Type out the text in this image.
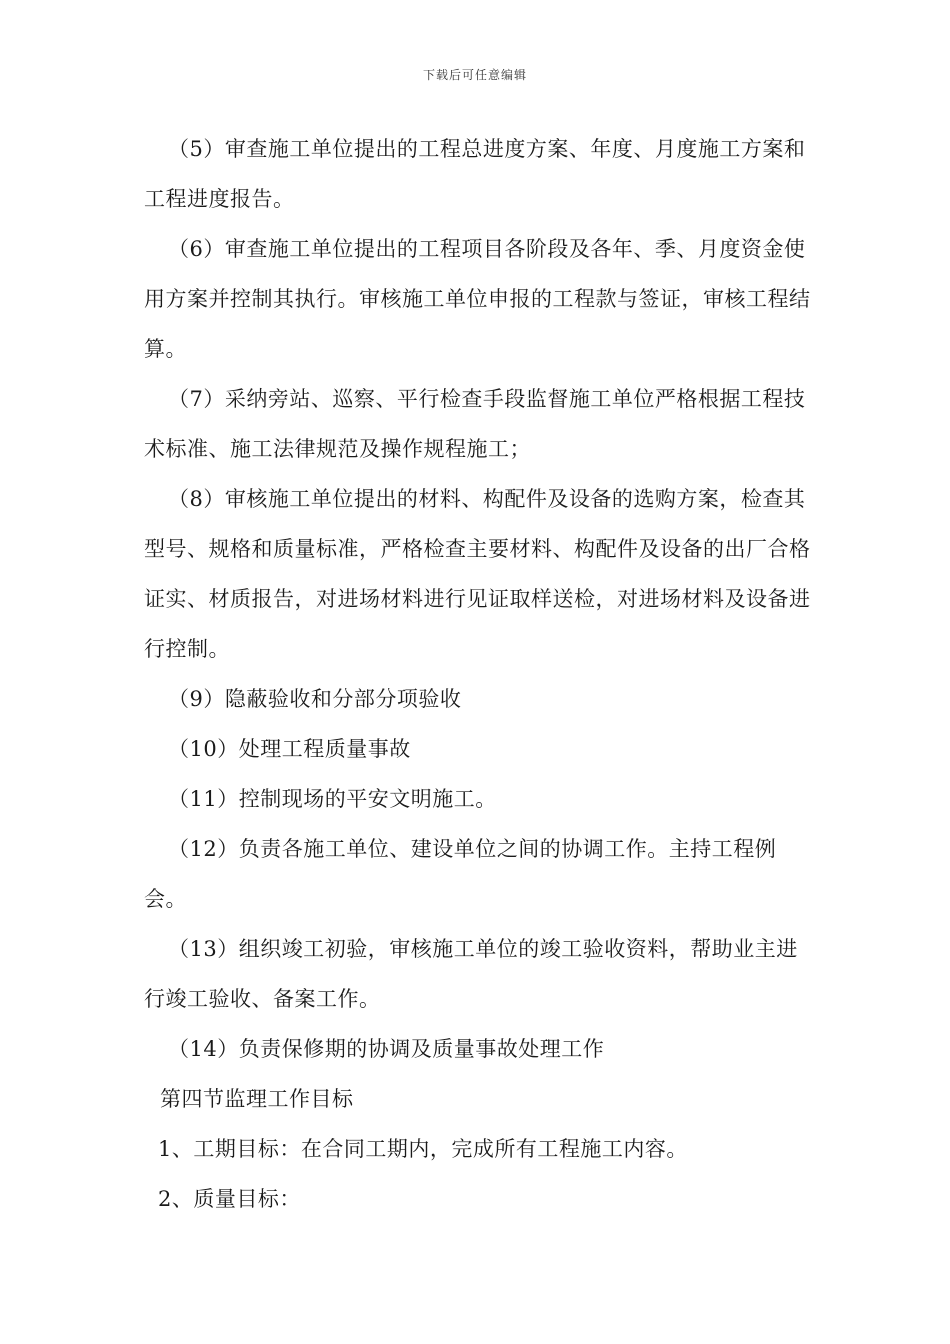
下载后可任意编辑

（5）审查施工单位提出的工程总进度方案、年度、月度施工方案和工程进度报告。

（6）审查施工单位提出的工程项目各阶段及各年、季、月度资金使用方案并控制其执行。审核施工单位申报的工程款与签证，审核工程结算。

（7）采纳旁站、巡察、平行检查手段监督施工单位严格根据工程技术标准、施工法律规范及操作规程施工；

（8）审核施工单位提出的材料、构配件及设备的选购方案，检查其型号、规格和质量标准，严格检查主要材料、构配件及设备的出厂合格证实、材质报告，对进场材料进行见证取样送检，对进场材料及设备进行控制。

（9）隐蔽验收和分部分项验收

（10）处理工程质量事故

（11）控制现场的平安文明施工。

（12）负责各施工单位、建设单位之间的协调工作。主持工程例会。

（13）组织竣工初验，审核施工单位的竣工验收资料，帮助业主进行竣工验收、备案工作。

（14）负责保修期的协调及质量事故处理工作

第四节监理工作目标

1、工期目标：在合同工期内，完成所有工程施工内容。

2、质量目标：
